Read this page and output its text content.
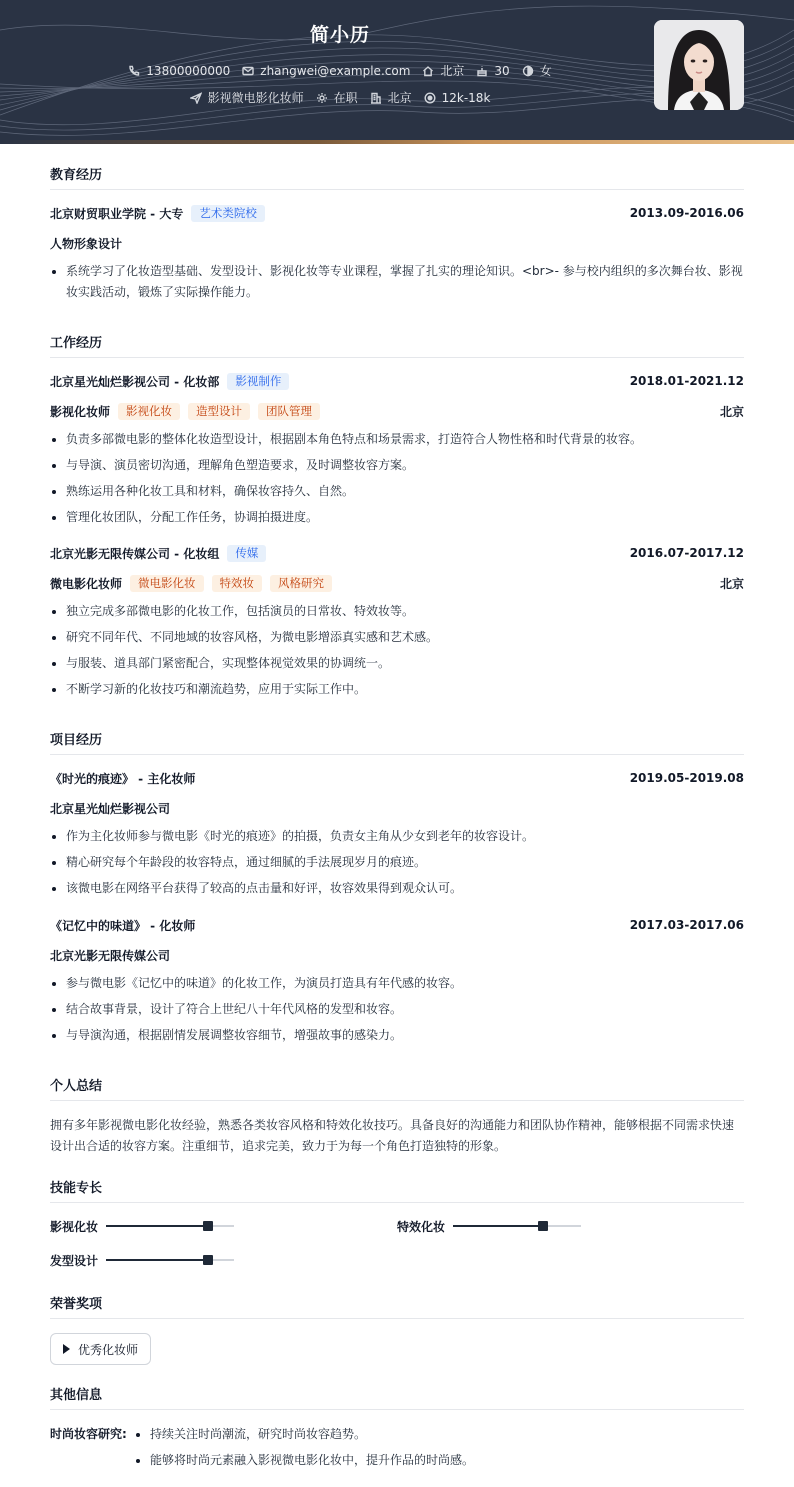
简小历
13800000000	zhangwei@example.com	北京	30	女
影视微电影化妆师	在职	北京	12k-18k
教育经历
北京财贸职业学院 - 大专	艺术类院校	2013.09-2016.06
人物形象设计
系统学习了化妆造型基础、发型设计、影视化妆等专业课程，掌握了扎实的理论知识。<br>- 参与校内组织的多次舞台妆、影视妆实践活动，锻炼了实际操作能力。
工作经历
北京星光灿烂影视公司 - 化妆部	影视制作	2018.01-2021.12
影视化妆师	影视化妆	造型设计	团队管理	北京
负责多部微电影的整体化妆造型设计，根据剧本角色特点和场景需求，打造符合人物性格和时代背景的妆容。
与导演、演员密切沟通，理解角色塑造要求，及时调整妆容方案。
熟练运用各种化妆工具和材料，确保妆容持久、自然。
管理化妆团队，分配工作任务，协调拍摄进度。
北京光影无限传媒公司 - 化妆组	传媒	2016.07-2017.12
微电影化妆师	微电影化妆	特效妆	风格研究	北京
独立完成多部微电影的化妆工作，包括演员的日常妆、特效妆等。
研究不同年代、不同地域的妆容风格，为微电影增添真实感和艺术感。
与服装、道具部门紧密配合，实现整体视觉效果的协调统一。
不断学习新的化妆技巧和潮流趋势，应用于实际工作中。
项目经历
《时光的痕迹》 - 主化妆师	2019.05-2019.08
北京星光灿烂影视公司
作为主化妆师参与微电影《时光的痕迹》的拍摄，负责女主角从少女到老年的妆容设计。
精心研究每个年龄段的妆容特点，通过细腻的手法展现岁月的痕迹。
该微电影在网络平台获得了较高的点击量和好评，妆容效果得到观众认可。
《记忆中的味道》 - 化妆师	2017.03-2017.06
北京光影无限传媒公司
参与微电影《记忆中的味道》的化妆工作，为演员打造具有年代感的妆容。
结合故事背景，设计了符合上世纪八十年代风格的发型和妆容。
与导演沟通，根据剧情发展调整妆容细节，增强故事的感染力。
个人总结
拥有多年影视微电影化妆经验，熟悉各类妆容风格和特效化妆技巧。具备良好的沟通能力和团队协作精神，能够根据不同需求快速设计出合适的妆容方案。注重细节，追求完美，致力于为每一个角色打造独特的形象。
技能专长
影视化妆	特效化妆
发型设计
荣誉奖项
优秀化妆师
其他信息
时尚妆容研究:	持续关注时尚潮流，研究时尚妆容趋势。
能够将时尚元素融入影视微电影化妆中，提升作品的时尚感。
